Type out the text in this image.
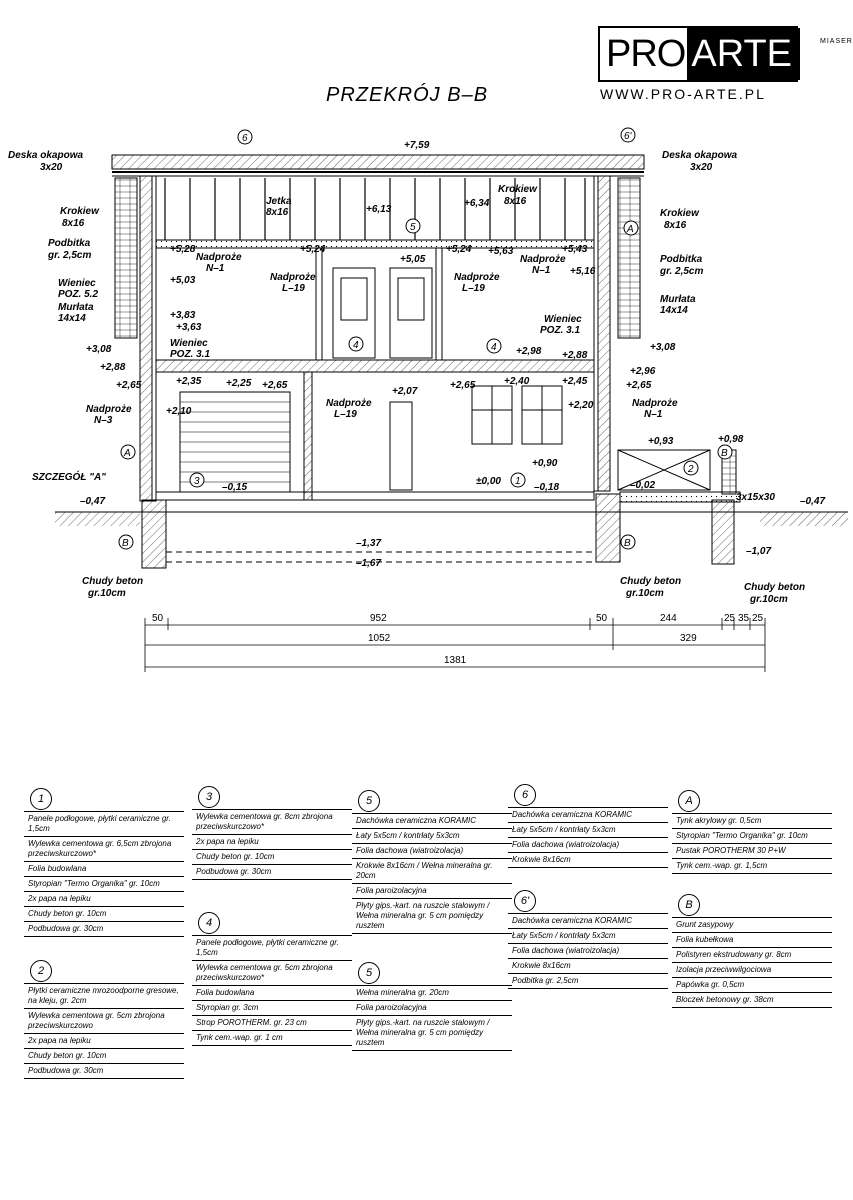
PRO ARTE
WWW.PRO-ARTE.PL
MIASER
PRZEKRÓJ B–B
Deska okapowa
3x20
Deska okapowa
3x20
Krokiew
8x16
Krokiew
8x16
Krokiew
8x16
Jetka
8x16
Podbitka
gr. 2,5cm	Podbitka
gr. 2,5cm
Wieniec
POZ. 5.2
Murłata
14x14
Murłata
14x14
Wieniec
POZ. 3.1
Wieniec
POZ. 3.1
Nadproże
N–1
Nadproże
L–19
Nadproże
L–19
Nadproże
N–1
Nadproże
N–3
Nadproże
L–19
Nadproże
N–1
SZCZEGÓŁ "A"
Chudy beton
gr.10cm
Chudy beton
gr.10cm
Chudy beton
gr.10cm
3x15x30
+7,59
+6,13
+6,34
+5,28	+5,24
+5,05
+5,24 +5,63	+5,43
+5,03
+5,16
+3,83
+3,63
+3,08	+3,08
+2,98
+2,88
+2,88
+2,65	+2,35 +2,25 +2,65
+2,07
+2,65	+2,40	+2,45
+2,96
+2,65
+2,10
+2,20
+0,93	+0,98
+0,90
±0,00
–0,15	–0,18	–0,02
–0,47	–0,47
–1,37
–1,67
–1,07
6	6'
5	A
4	4
A
3	1
2
B	B
B
50	952	50	244	25 35 25
1052	329
1381
1
Panele podłogowe, płytki ceramiczne gr. 1,5cm
Wylewka cementowa gr. 6,5cm zbrojona przeciwskurczowo*
Folia budowlana
Styropian "Termo Organika" gr. 10cm
2x papa na lepiku
Chudy beton gr. 10cm
Podbudowa gr. 30cm
2
Płytki ceramiczne mrozoodporne gresowe, na kleju, gr. 2cm
Wylewka cementowa gr. 5cm zbrojona przeciwskurczowo
2x papa na lepiku
Chudy beton gr. 10cm
Podbudowa gr. 30cm
3
Wylewka cementowa gr. 8cm zbrojona przeciwskurczowo*
2x papa na lepiku
Chudy beton gr. 10cm
Podbudowa gr. 30cm
4
Panele podłogowe, płytki ceramiczne gr. 1,5cm
Wylewka cementowa gr. 5cm zbrojona przeciwskurczowo*
Folia budowlana
Styropian gr. 3cm
Strop POROTHERM. gr. 23 cm
Tynk cem.-wap. gr. 1 cm
5
Dachówka ceramiczna KORAMIC
Łaty 5x5cm / kontrłaty 5x3cm
Folia dachowa (wiatroizolacja)
Krokwie 8x16cm / Wełna mineralna gr. 20cm
Folia paroizolacyjna
Płyty gips.-kart. na ruszcie stalowym / Wełna mineralna gr. 5 cm pomiędzy rusztem
5
Wełna mineralna gr. 20cm
Folia paroizolacyjna
Płyty gips.-kart. na ruszcie stalowym / Wełna mineralna gr. 5 cm pomiędzy rusztem
6
Dachówka ceramiczna KORAMIC
Łaty 5x5cm / kontrłaty 5x3cm
Folia dachowa (wiatroizolacja)
Krokwie 8x16cm
6'
Dachówka ceramiczna KORAMIC
Łaty 5x5cm / kontrłaty 5x3cm
Folia dachowa (wiatroizolacja)
Krokwie 8x16cm
Podbitka gr. 2,5cm
A
Tynk akrylowy gr. 0,5cm
Styropian "Termo Organika" gr. 10cm
Pustak POROTHERM 30 P+W
Tynk cem.-wap. gr. 1,5cm
B
Grunt zasypowy
Folia kubełkowa
Polistyren ekstrudowany gr. 8cm
Izolacja przeciwwilgociowa
Papówka gr. 0,5cm
Bloczek betonowy gr. 38cm
